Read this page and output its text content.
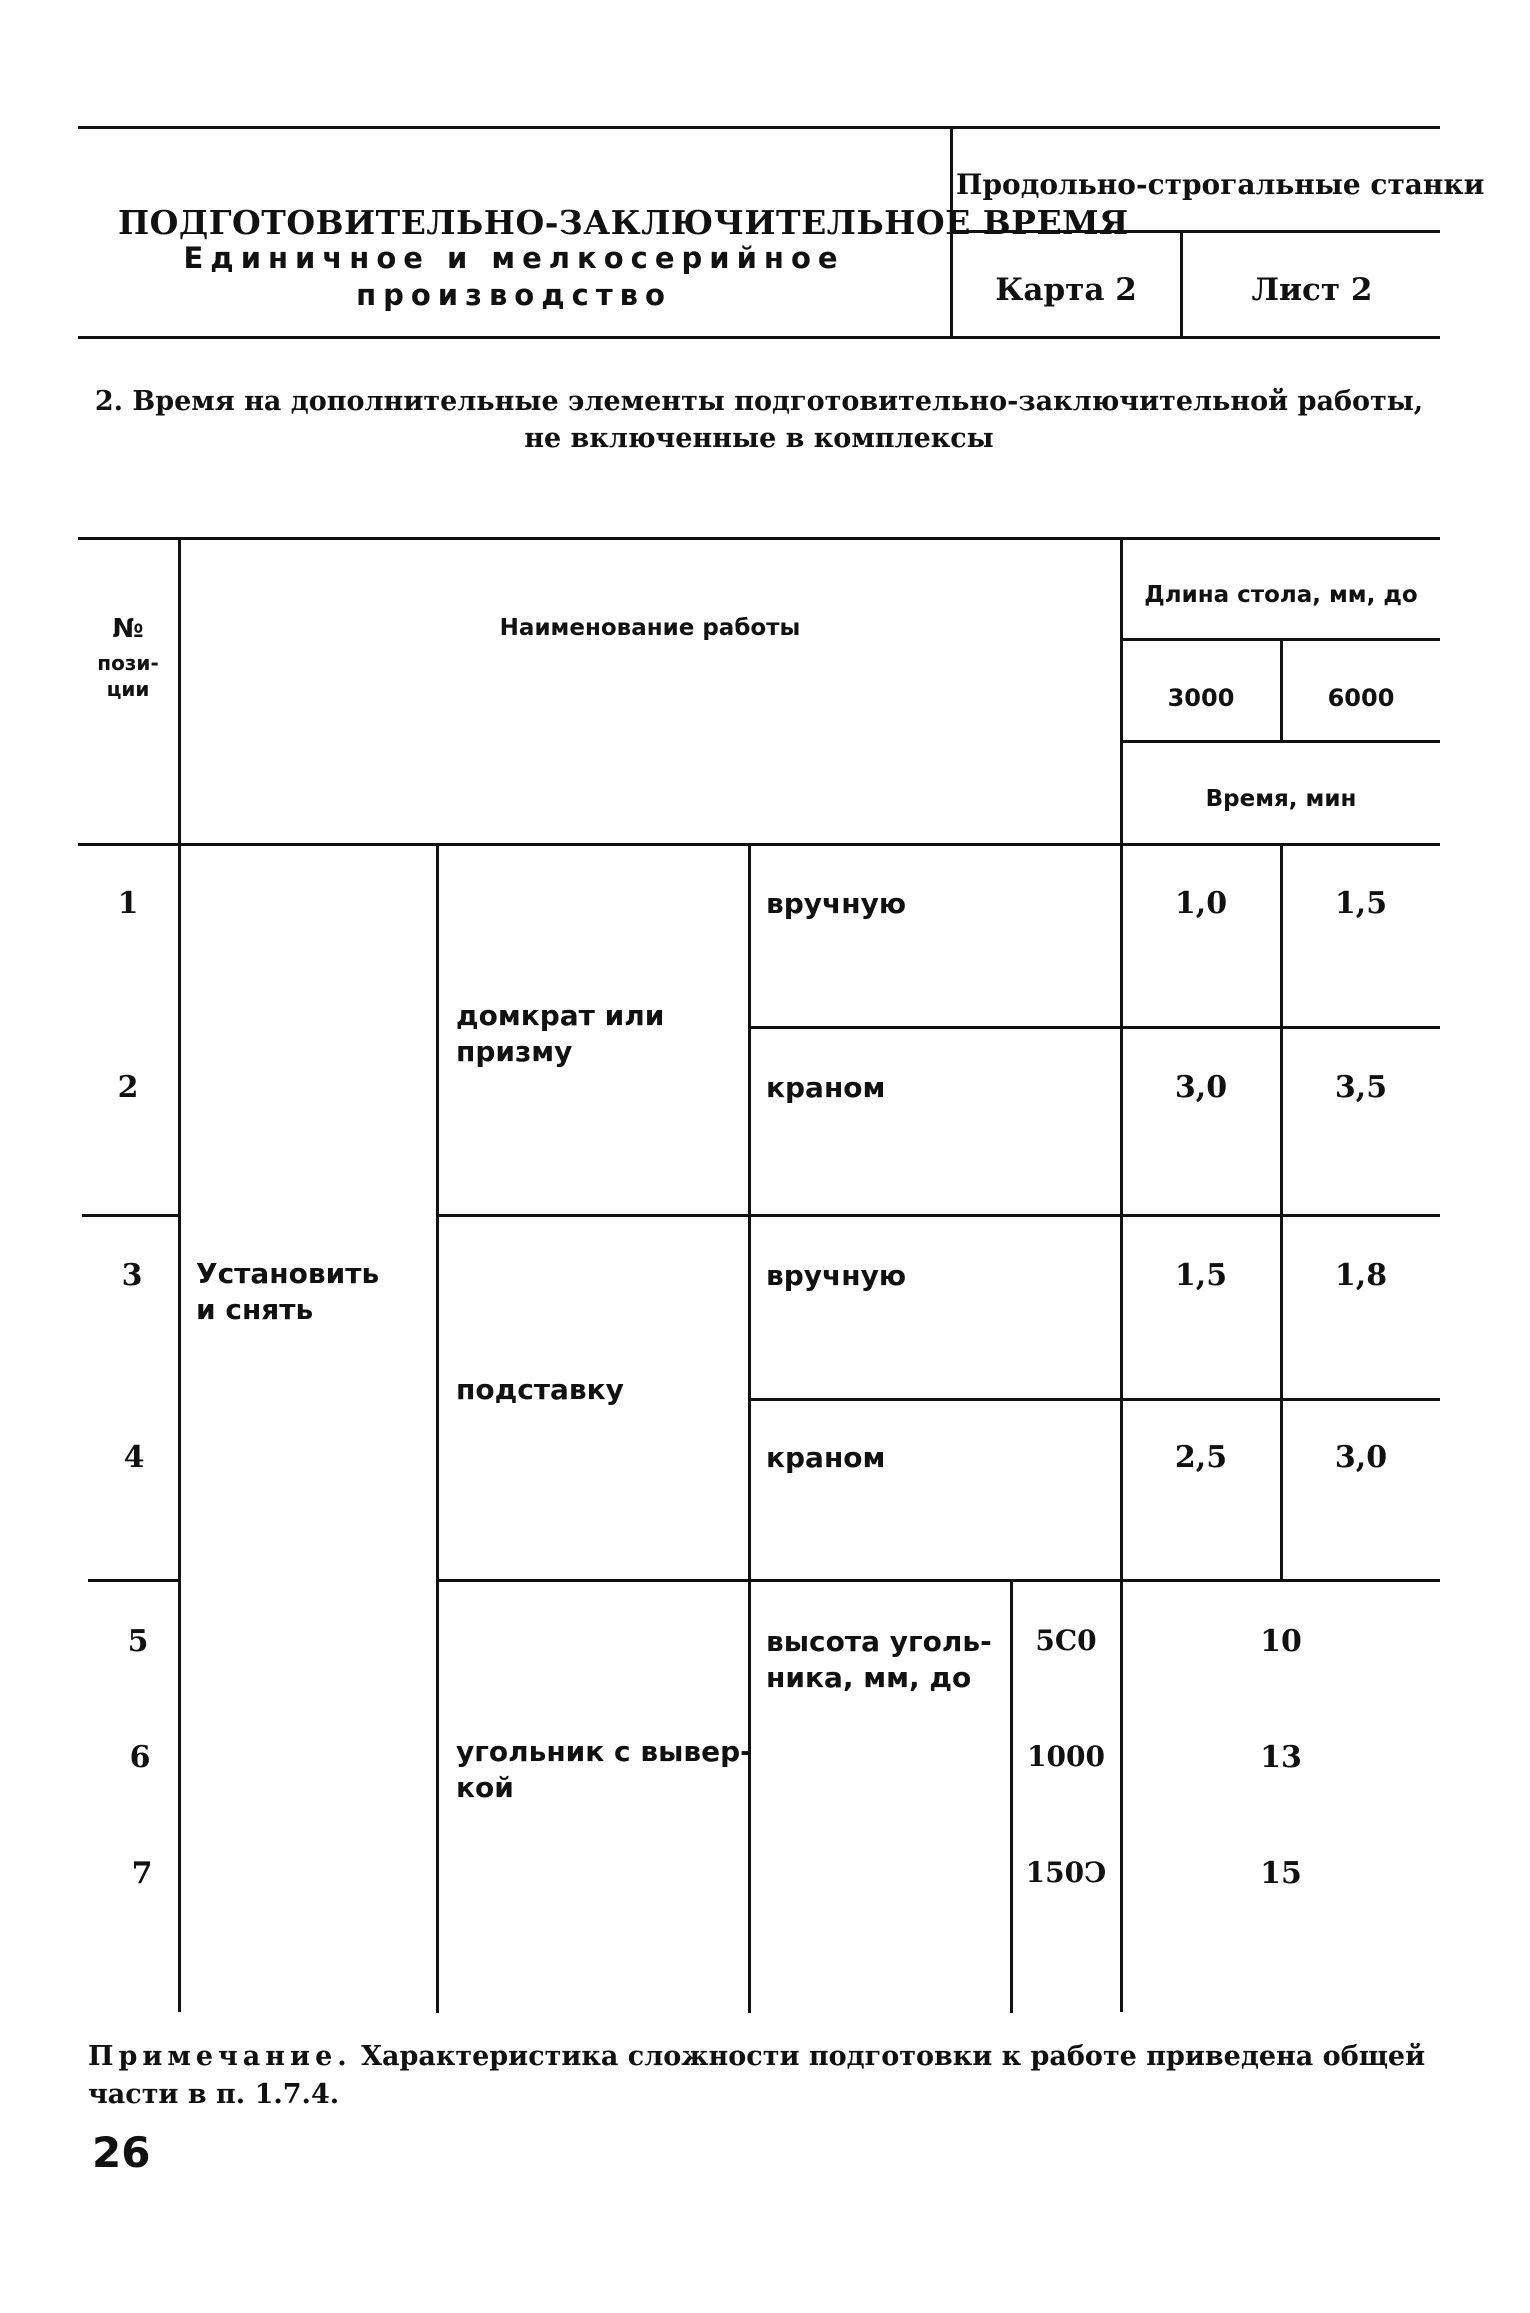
ПОДГОТОВИТЕЛЬНО-ЗАКЛЮЧИТЕЛЬНОЕ ВРЕМЯ
Единичное и мелкосерийное
производство
Продольно-строгальные станки
Карта 2	Лист 2
2. Время на дополнительные элементы подготовительно-заключительной работы,
не включенные в комплексы
№
пози-
ции
Наименование работы
Длина стола, мм, до
3000	6000
Время, мин
Установить
и снять
домкрат или
призму
подставку
угольник с вывер-
кой
высота уголь-
ника, мм, до
1	вручную	1,0	1,5
2	краном	3,0	3,5
3	вручную	1,5	1,8
4	краном	2,5	3,0
5	5С0	10
6	1000	13
7	150Ͻ	15
Примечание. Характеристика сложности подготовки к работе приведена общей части в п. 1.7.4.
26
